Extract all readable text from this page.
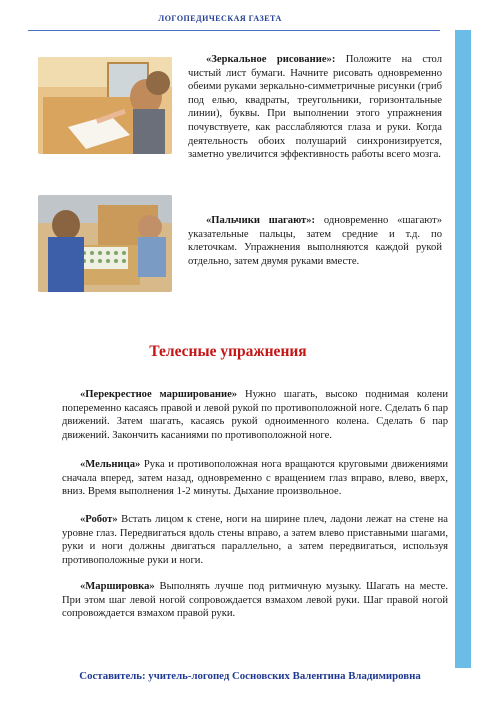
ЛОГОПЕДИЧЕСКАЯ ГАЗЕТА

«Зеркальное рисование»: Положите на стол чистый лист бумаги. Начните рисовать одновременно обеими руками зеркально-симметричные рисунки (гриб под елью, квадраты, треугольники, горизонтальные линии), буквы. При выполнении этого упражнения почувствуете, как расслабляются глаза и руки. Когда деятельность обоих полушарий синхронизируется, заметно увеличится эффективность работы всего мозга.

«Пальчики шагают»: одновременно «шагают» указательные пальцы, затем средние и т.д. по клеточкам. Упражнения выполняются каждой рукой отдельно, затем двумя руками вместе.

Телесные упражнения

«Перекрестное марширование» Нужно шагать, высоко поднимая колени попеременно касаясь правой и левой рукой по противоположной ноге. Сделать 6 пар движений. Затем шагать, касаясь рукой одноименного колена. Сделать 6 пар движений. Закончить касаниями по противоположной ноге.

«Мельница» Рука и противоположная нога вращаются круговыми движениями сначала вперед, затем назад, одновременно с вращением глаз вправо, влево, вверх, вниз. Время выполнения 1-2 минуты. Дыхание произвольное.

«Робот» Встать лицом к стене, ноги на ширине плеч, ладони лежат на стене на уровне глаз. Передвигаться вдоль стены вправо, а затем влево приставными шагами, руки и ноги должны двигаться параллельно, а затем передвигаться, используя противоположные руки и ноги.

«Маршировка» Выполнять лучше под ритмичную музыку. Шагать на месте. При этом шаг левой ногой сопровождается взмахом левой руки. Шаг правой ногой сопровождается взмахом правой руки.

Составитель: учитель-логопед Сосновских Валентина Владимировна
